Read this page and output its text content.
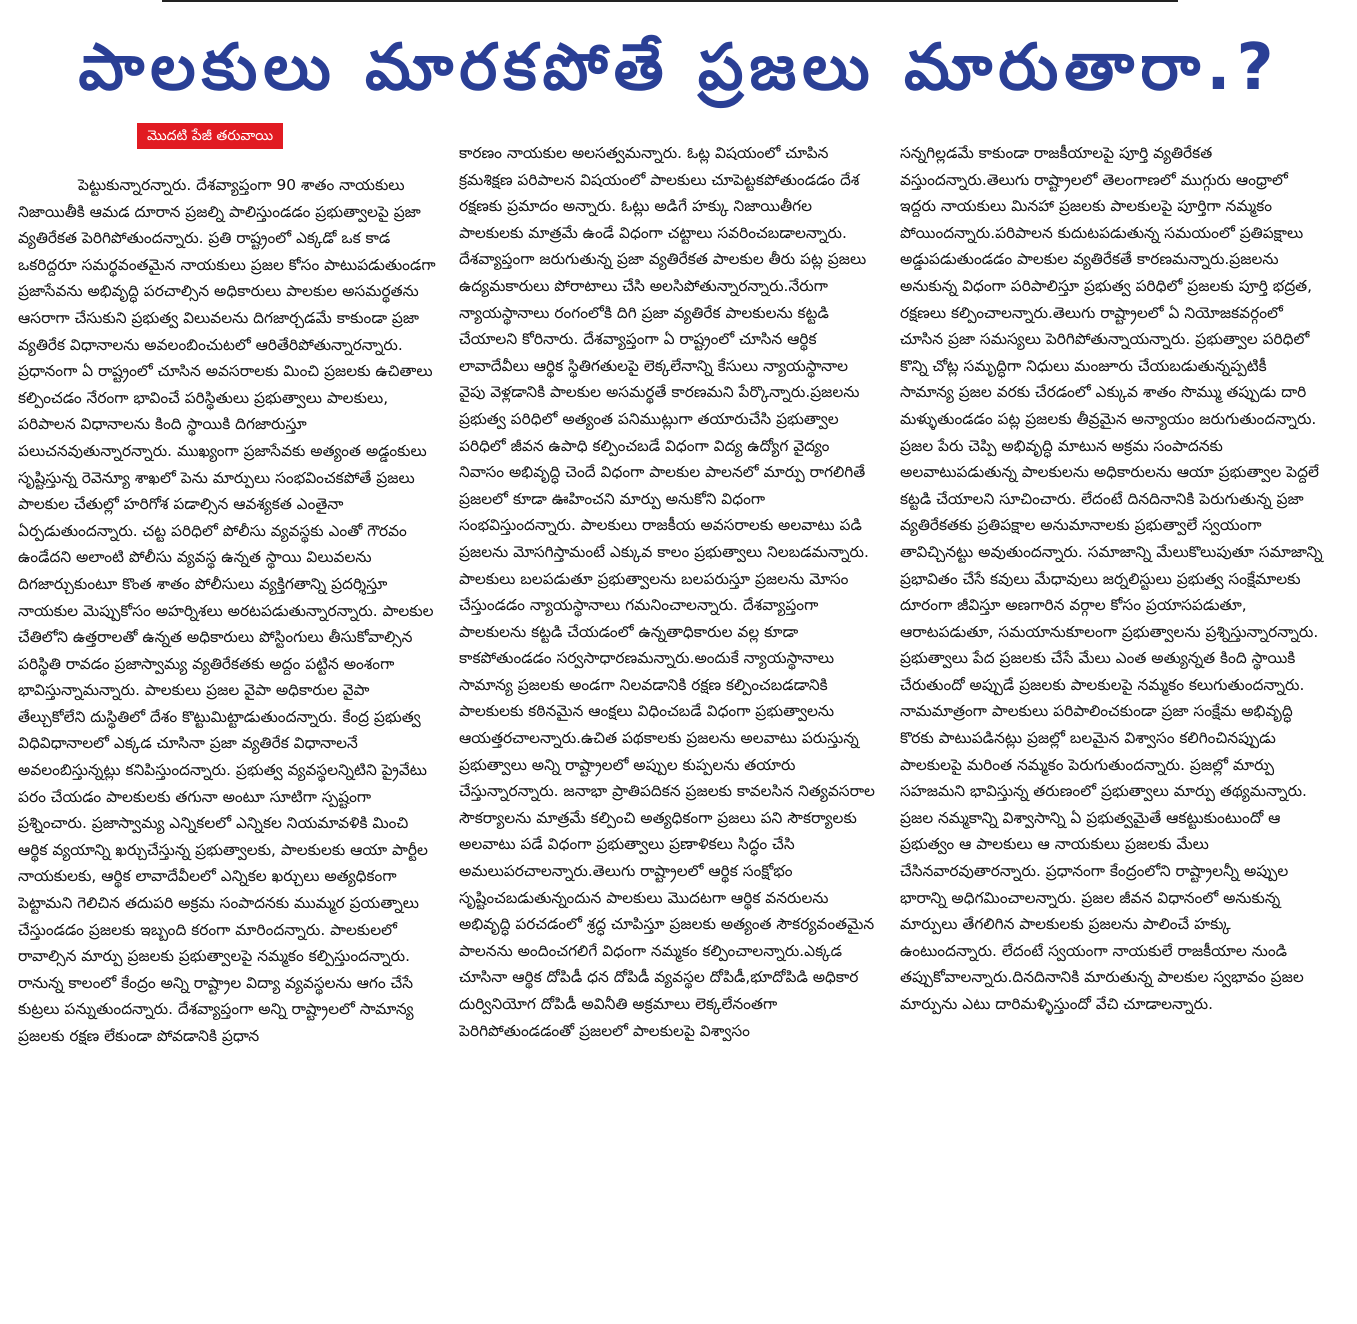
పాలకులు మారకపోతే ప్రజలు మారుతారా.?
మొదటి పేజీ తరువాయి

పెట్టుకున్నారన్నారు. దేశవ్యాప్తంగా 90 శాతం నాయకులు నిజాయితీకి ఆమడ దూరాన ప్రజల్ని పాలిస్తుండడం ప్రభుత్వాలపై ప్రజా వ్యతిరేకత పెరిగిపోతుందన్నారు. ప్రతి రాష్ట్రంలో ఎక్కడో ఒక కాడ ఒకరిద్దరూ సమర్థవంతమైన నాయకులు ప్రజల కోసం పాటుపడుతుండగా ప్రజాసేవను అభివృద్ధి పరచాల్సిన అధికారులు పాలకుల అసమర్థతను ఆసరాగా చేసుకుని ప్రభుత్వ విలువలను దిగజార్చడమే కాకుండా ప్రజా వ్యతిరేక విధానాలను అవలంబించుటలో ఆరితేరిపోతున్నారన్నారు. ప్రధానంగా ఏ రాష్ట్రంలో చూసిన అవసరాలకు మించి ప్రజలకు ఉచితాలు కల్పించడం నేరంగా భావించే పరిస్థితులు ప్రభుత్వాలు పాలకులు, పరిపాలన విధానాలను కింది స్థాయికి దిగజారుస్తూ పలుచనవుతున్నారన్నారు. ముఖ్యంగా ప్రజాసేవకు అత్యంత అడ్డంకులు సృష్టిస్తున్న రెవెన్యూ శాఖలో పెను మార్పులు సంభవించకపోతే ప్రజలు పాలకుల చేతుల్లో హరిగోశ పడాల్సిన ఆవశ్యకత ఎంతైనా ఏర్పడుతుందన్నారు. చట్ట పరిధిలో పోలీసు వ్యవస్థకు ఎంతో గౌరవం ఉండేదని అలాంటి పోలీసు వ్యవస్థ ఉన్నత స్థాయి విలువలను దిగజార్చుకుంటూ కొంత శాతం పోలీసులు వ్యక్తిగతాన్ని ప్రదర్శిస్తూ నాయకుల మెప్పుకోసం అహర్నిశలు అరటపడుతున్నారన్నారు. పాలకుల చేతిలోని ఉత్తరాలతో ఉన్నత అధికారులు పోస్టింగులు తీసుకోవాల్సిన పరిస్థితి రావడం ప్రజాస్వామ్య వ్యతిరేకతకు అద్దం పట్టిన అంశంగా భావిస్తున్నామన్నారు. పాలకులు ప్రజల వైపా అధికారుల వైపా తేల్చుకోలేని దుస్థితిలో దేశం కొట్టుమిట్టాడుతుందన్నారు. కేంద్ర ప్రభుత్వ విధివిధానాలలో ఎక్కడ చూసినా ప్రజా వ్యతిరేక విధానాలనే అవలంబిస్తున్నట్లు కనిపిస్తుందన్నారు. ప్రభుత్వ వ్యవస్థలన్నిటిని ప్రైవేటు పరం చేయడం పాలకులకు తగునా అంటూ సూటిగా స్పష్టంగా ప్రశ్నించారు. ప్రజాస్వామ్య ఎన్నికలలో ఎన్నికల నియమావళికి మించి ఆర్థిక వ్యయాన్ని ఖర్చుచేస్తున్న ప్రభుత్వాలకు, పాలకులకు ఆయా పార్టీల నాయకులకు, ఆర్థిక లావాదేవీలలో ఎన్నికల ఖర్చులు అత్యధికంగా పెట్టామని గెలిచిన తదుపరి అక్రమ సంపాదనకు ముమ్మర ప్రయత్నాలు చేస్తుండడం ప్రజలకు ఇబ్బంది కరంగా మారిందన్నారు. పాలకులలో రావాల్సిన మార్పు ప్రజలకు ప్రభుత్వాలపై నమ్మకం కల్పిస్తుందన్నారు. రానున్న కాలంలో కేంద్రం అన్ని రాష్ట్రాల విద్యా వ్యవస్థలను ఆగం చేసే కుట్రలు పన్నుతుందన్నారు. దేశవ్యాప్తంగా అన్ని రాష్ట్రాలలో సామాన్య ప్రజలకు రక్షణ లేకుండా పోవడానికి ప్రధాన

కారణం నాయకుల అలసత్వమన్నారు. ఓట్ల విషయంలో చూపిన క్రమశిక్షణ పరిపాలన విషయంలో పాలకులు చూపెట్టకపోతుండడం దేశ రక్షణకు ప్రమాదం అన్నారు. ఓట్లు అడిగే హక్కు నిజాయితీగల పాలకులకు మాత్రమే ఉండే విధంగా చట్టాలు సవరించబడాలన్నారు. దేశవ్యాప్తంగా జరుగుతున్న ప్రజా వ్యతిరేకత పాలకుల తీరు పట్ల ప్రజలు ఉద్యమకారులు పోరాటాలు చేసి అలసిపోతున్నారన్నారు.నేరుగా న్యాయస్థానాలు రంగంలోకి దిగి ప్రజా వ్యతిరేక పాలకులను కట్టడి చేయాలని కోరినారు. దేశవ్యాప్తంగా ఏ రాష్ట్రంలో చూసిన ఆర్థిక లావాదేవీలు ఆర్థిక స్థితిగతులపై లెక్కలేనాన్ని కేసులు న్యాయస్థానాల వైపు వెళ్లడానికి పాలకుల అసమర్థతే కారణమని పేర్కొన్నారు.ప్రజలను ప్రభుత్వ పరిధిలో అత్యంత పనిముట్లుగా తయారుచేసి ప్రభుత్వాల పరిధిలో జీవన ఉపాధి కల్పించబడే విధంగా విద్య ఉద్యోగ వైద్యం నివాసం అభివృద్ధి చెందే విధంగా పాలకుల పాలనలో మార్పు రాగలిగితే ప్రజలలో కూడా ఊహించని మార్పు అనుకోని విధంగా సంభవిస్తుందన్నారు. పాలకులు రాజకీయ అవసరాలకు అలవాటు పడి ప్రజలను మోసగిస్తామంటే ఎక్కువ కాలం ప్రభుత్వాలు నిలబడమన్నారు. పాలకులు బలపడుతూ ప్రభుత్వాలను బలపరుస్తూ ప్రజలను మోసం చేస్తుండడం న్యాయస్థానాలు గమనించాలన్నారు. దేశవ్యాప్తంగా పాలకులను కట్టడి చేయడంలో ఉన్నతాధికారుల వల్ల కూడా కాకపోతుండడం సర్వసాధారణమన్నారు.అందుకే న్యాయస్థానాలు సామాన్య ప్రజలకు అండగా నిలవడానికి రక్షణ కల్పించబడడానికి పాలకులకు కఠినమైన ఆంక్షలు విధించబడే విధంగా ప్రభుత్వాలను ఆయత్తరచాలన్నారు.ఉచిత పథకాలకు ప్రజలను అలవాటు పరుస్తున్న ప్రభుత్వాలు అన్ని రాష్ట్రాలలో అప్పుల కుప్పలను తయారు చేస్తున్నారన్నారు. జనాభా ప్రాతిపదికన ప్రజలకు కావలసిన నిత్యవసరాల సౌకర్యాలను మాత్రమే కల్పించి అత్యధికంగా ప్రజలు పని సౌకర్యాలకు అలవాటు పడే విధంగా ప్రభుత్వాలు ప్రణాళికలు సిద్ధం చేసి అమలుపరచాలన్నారు.తెలుగు రాష్ట్రాలలో ఆర్థిక సంక్షోభం సృష్టించబడుతున్నందున పాలకులు మొదటగా ఆర్థిక వనరులను అభివృద్ధి పరచడంలో శ్రద్ధ చూపిస్తూ ప్రజలకు అత్యంత సౌకర్యవంతమైన పాలనను అందించగలిగే విధంగా నమ్మకం కల్పించాలన్నారు.ఎక్కడ చూసినా ఆర్థిక దోపిడీ ధన దోపిడీ వ్యవస్థల దోపిడీ,భూదోపిడి అధికార దుర్వినియోగ దోపిడీ అవినీతి అక్రమాలు లెక్కలేనంతగా పెరిగిపోతుండడంతో ప్రజలలో పాలకులపై విశ్వాసం

సన్నగిల్లడమే కాకుండా రాజకీయాలపై పూర్తి వ్యతిరేకత వస్తుందన్నారు.తెలుగు రాష్ట్రాలలో తెలంగాణలో ముగ్గురు ఆంధ్రాలో ఇద్దరు నాయకులు మినహా ప్రజలకు పాలకులపై పూర్తిగా నమ్మకం పోయిందన్నారు.పరిపాలన కుదుటపడుతున్న సమయంలో ప్రతిపక్షాలు అడ్డుపడుతుండడం పాలకుల వ్యతిరేకతే కారణమన్నారు.ప్రజలను అనుకున్న విధంగా పరిపాలిస్తూ ప్రభుత్వ పరిధిలో ప్రజలకు పూర్తి భద్రత, రక్షణలు కల్పించాలన్నారు.తెలుగు రాష్ట్రాలలో ఏ నియోజకవర్గంలో చూసిన ప్రజా సమస్యలు పెరిగిపోతున్నాయన్నారు. ప్రభుత్వాల పరిధిలో కొన్ని చోట్ల సమృద్ధిగా నిధులు మంజూరు చేయబడుతున్నప్పటికీ సామాన్య ప్రజల వరకు చేరడంలో ఎక్కువ శాతం సొమ్ము తప్పుడు దారి మళ్ళుతుండడం పట్ల ప్రజలకు తీవ్రమైన అన్యాయం జరుగుతుందన్నారు. ప్రజల పేరు చెప్పి అభివృద్ధి మాటున అక్రమ సంపాదనకు అలవాటుపడుతున్న పాలకులను అధికారులను ఆయా ప్రభుత్వాల పెద్దలే కట్టడి చేయాలని సూచించారు. లేదంటే దినదినానికి పెరుగుతున్న ప్రజా వ్యతిరేకతకు ప్రతిపక్షాల అనుమానాలకు ప్రభుత్వాలే స్వయంగా తావిచ్చినట్టు అవుతుందన్నారు. సమాజాన్ని మేలుకొలుపుతూ సమాజాన్ని ప్రభావితం చేసే కవులు మేధావులు జర్నలిస్టులు ప్రభుత్వ సంక్షేమాలకు దూరంగా జీవిస్తూ అణగారిన వర్గాల కోసం ప్రయాసపడుతూ, ఆరాటపడుతూ, సమయానుకూలంగా ప్రభుత్వాలను ప్రశ్నిస్తున్నారన్నారు. ప్రభుత్వాలు పేద ప్రజలకు చేసే మేలు ఎంత అత్యున్నత కింది స్థాయికి చేరుతుందో అప్పుడే ప్రజలకు పాలకులపై నమ్మకం కలుగుతుందన్నారు. నామమాత్రంగా పాలకులు పరిపాలించకుండా ప్రజా సంక్షేమ అభివృద్ధి కొరకు పాటుపడినట్లు ప్రజల్లో బలమైన విశ్వాసం కలిగించినప్పుడు పాలకులపై మరింత నమ్మకం పెరుగుతుందన్నారు. ప్రజల్లో మార్పు సహజమని భావిస్తున్న తరుణంలో ప్రభుత్వాలు మార్పు తథ్యమన్నారు. ప్రజల నమ్మకాన్ని విశ్వాసాన్ని ఏ ప్రభుత్వమైతే ఆకట్టుకుంటుందో ఆ ప్రభుత్వం ఆ పాలకులు ఆ నాయకులు ప్రజలకు మేలు చేసినవారవుతారన్నారు. ప్రధానంగా కేంద్రంలోని రాష్ట్రాలన్నీ అప్పుల భారాన్ని అధిగమించాలన్నారు. ప్రజల జీవన విధానంలో అనుకున్న మార్పులు తేగలిగిన పాలకులకు ప్రజలను పాలించే హక్కు ఉంటుందన్నారు. లేదంటే స్వయంగా నాయకులే రాజకీయాల నుండి తప్పుకోవాలన్నారు.దినదినానికి మారుతున్న పాలకుల స్వభావం ప్రజల మార్పును ఎటు దారిమళ్ళిస్తుందో వేచి చూడాలన్నారు.
